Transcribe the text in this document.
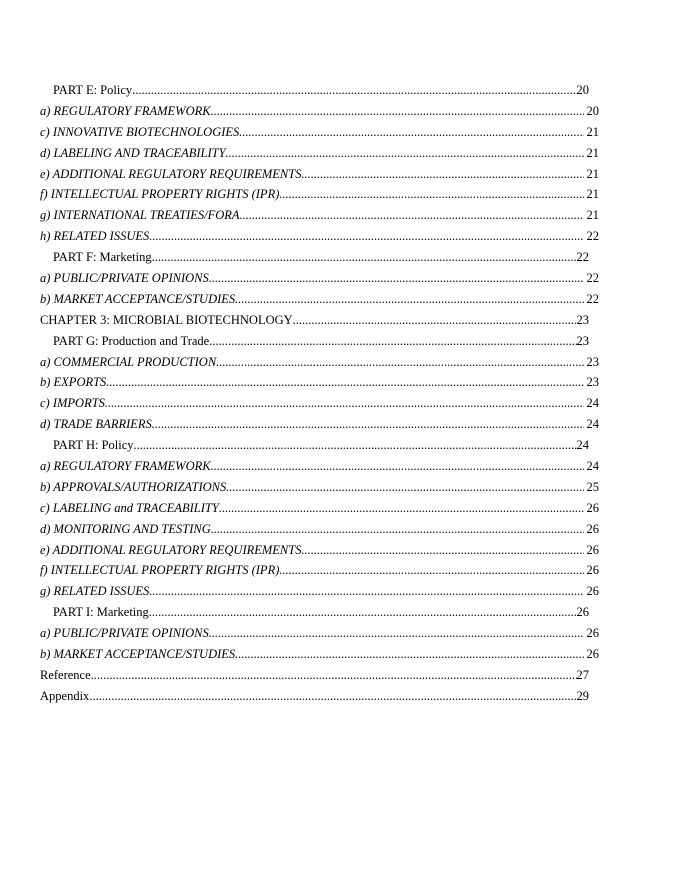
PART E: Policy .....	20
a) REGULATORY FRAMEWORK .....	20
c) INNOVATIVE BIOTECHNOLOGIES .....	21
d) LABELING AND TRACEABILITY .....	21
e) ADDITIONAL REGULATORY REQUIREMENTS .....	21
f) INTELLECTUAL PROPERTY RIGHTS (IPR) .....	21
g) INTERNATIONAL TREATIES/FORA .....	21
h) RELATED ISSUES .....	22
PART F: Marketing .....	22
a) PUBLIC/PRIVATE OPINIONS .....	22
b) MARKET ACCEPTANCE/STUDIES .....	22
CHAPTER 3: MICROBIAL BIOTECHNOLOGY .....	23
PART G: Production and Trade .....	23
a) COMMERCIAL PRODUCTION .....	23
b) EXPORTS .....	23
c) IMPORTS .....	24
d) TRADE BARRIERS .....	24
PART H: Policy .....	24
a) REGULATORY FRAMEWORK .....	24
b) APPROVALS/AUTHORIZATIONS .....	25
c) LABELING and TRACEABILITY .....	26
d) MONITORING AND TESTING .....	26
e) ADDITIONAL REGULATORY REQUIREMENTS .....	26
f) INTELLECTUAL PROPERTY RIGHTS (IPR) .....	26
g) RELATED ISSUES .....	26
PART I: Marketing .....	26
a) PUBLIC/PRIVATE OPINIONS .....	26
b) MARKET ACCEPTANCE/STUDIES .....	26
Reference .....	27
Appendix .....	29
